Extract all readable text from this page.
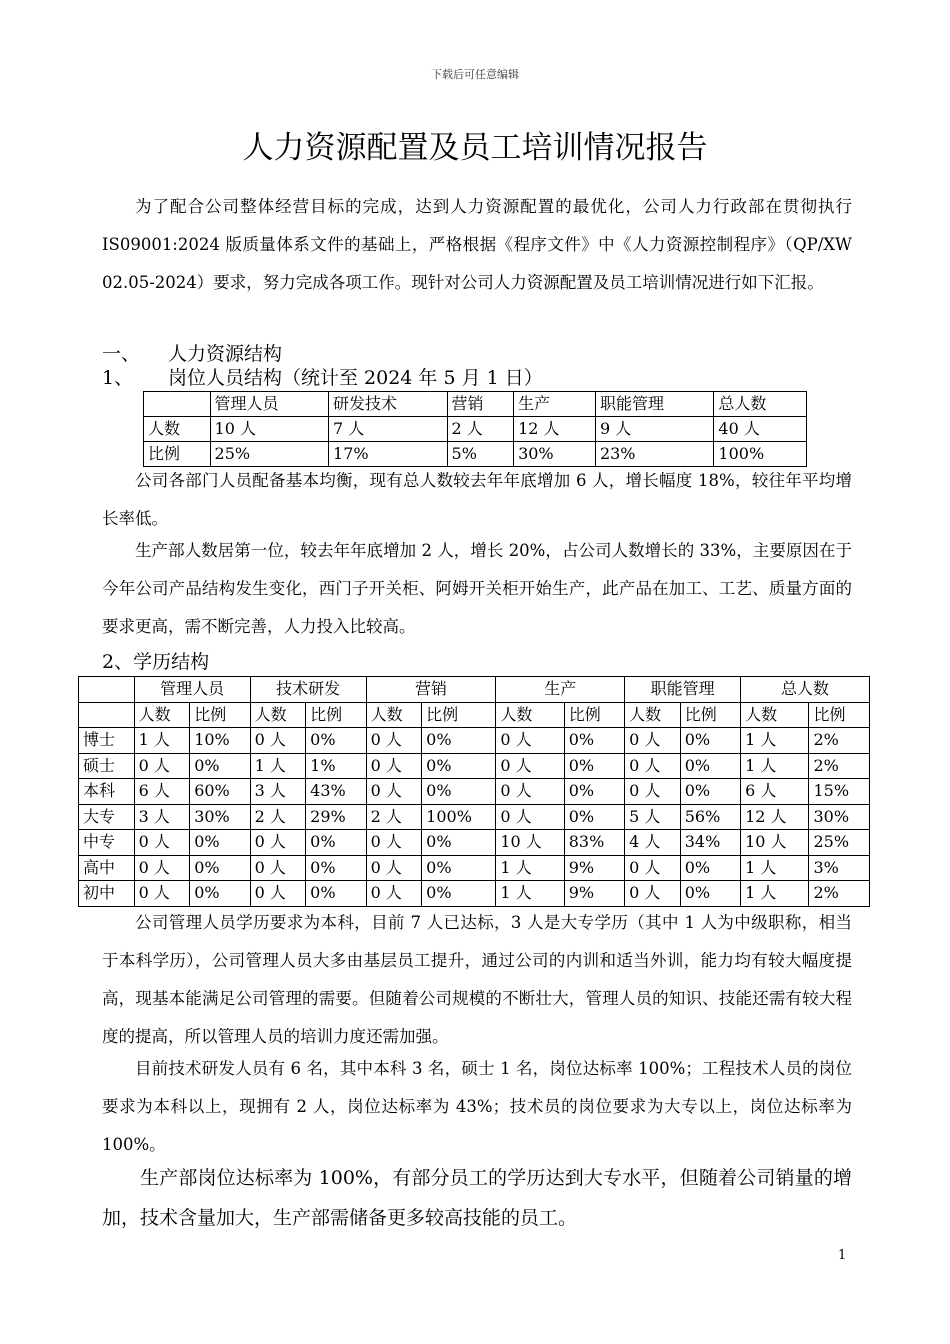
下载后可任意编辑
人力资源配置及员工培训情况报告

为了配合公司整体经营目标的完成，达到人力资源配置的最优化，公司人力行政部在贯彻执行 IS09001:2024 版质量体系文件的基础上，严格根据《程序文件》中《人力资源控制程序》（QP/XW 02.05-2024）要求，努力完成各项工作。现针对公司人力资源配置及员工培训情况进行如下汇报。

一、 人力资源结构
1、 岗位人员结构（统计至 2024 年 5 月 1 日）
	管理人员	研发技术	营销	生产	职能管理	总人数
人数	10 人	7 人	2 人	12 人	9 人	40 人
比例	25%	17%	5%	30%	23%	100%

公司各部门人员配备基本均衡，现有总人数较去年年底增加 6 人，增长幅度 18%，较往年平均增长率低。

生产部人数居第一位，较去年年底增加 2 人，增长 20%，占公司人数增长的 33%，主要原因在于今年公司产品结构发生变化，西门子开关柜、阿姆开关柜开始生产，此产品在加工、工艺、质量方面的要求更高，需不断完善，人力投入比较高。

2、学历结构
	管理人员		技术研发		营销		生产		职能管理		总人数	
	人数	比例	人数	比例	人数	比例	人数	比例	人数	比例	人数	比例
博士	1 人	10%	0 人	0%	0 人	0%	0 人	0%	0 人	0%	1 人	2%
硕士	0 人	0%	1 人	1%	0 人	0%	0 人	0%	0 人	0%	1 人	2%
本科	6 人	60%	3 人	43%	0 人	0%	0 人	0%	0 人	0%	6 人	15%
大专	3 人	30%	2 人	29%	2 人	100%	0 人	0%	5 人	56%	12 人	30%
中专	0 人	0%	0 人	0%	0 人	0%	10 人	83%	4 人	34%	10 人	25%
高中	0 人	0%	0 人	0%	0 人	0%	1 人	9%	0 人	0%	1 人	3%
初中	0 人	0%	0 人	0%	0 人	0%	1 人	9%	0 人	0%	1 人	2%

公司管理人员学历要求为本科，目前 7 人已达标，3 人是大专学历（其中 1 人为中级职称，相当于本科学历），公司管理人员大多由基层员工提升，通过公司的内训和适当外训，能力均有较大幅度提高，现基本能满足公司管理的需要。但随着公司规模的不断壮大，管理人员的知识、技能还需有较大程度的提高，所以管理人员的培训力度还需加强。

目前技术研发人员有 6 名，其中本科 3 名，硕士 1 名，岗位达标率 100%；工程技术人员的岗位要求为本科以上，现拥有 2 人，岗位达标率为 43%；技术员的岗位要求为大专以上，岗位达标率为 100%。

生产部岗位达标率为 100%，有部分员工的学历达到大专水平，但随着公司销量的增加，技术含量加大，生产部需储备更多较高技能的员工。

1
